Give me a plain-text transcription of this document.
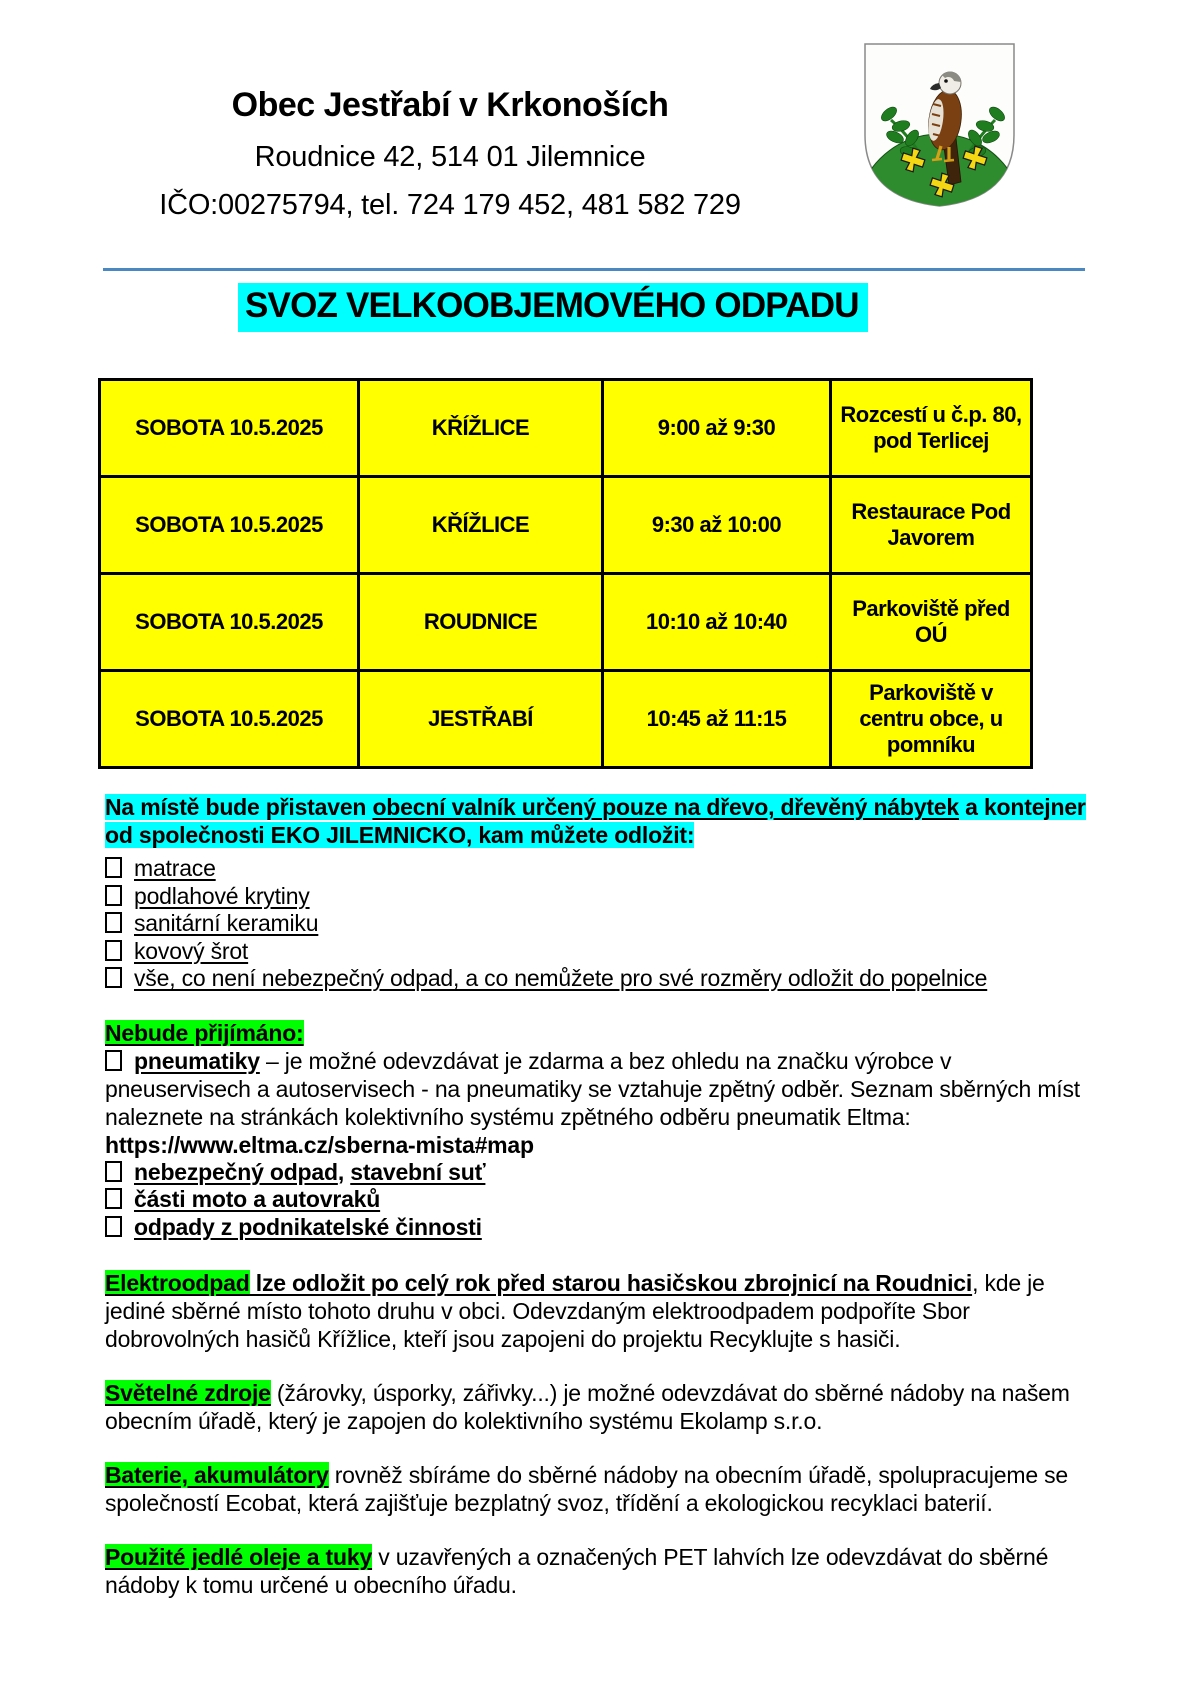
Obec Jestřabí v Krkonoších
Roudnice 42, 514 01 Jilemnice
IČO:00275794, tel. 724 179 452, 481 582 729
SVOZ VELKOOBJEMOVÉHO ODPADU
SOBOTA 10.5.2025	KŘÍŽLICE	9:00 až 9:30	Rozcestí u č.p. 80, pod Terlicej
SOBOTA 10.5.2025	KŘÍŽLICE	9:30 až 10:00	Restaurace Pod Javorem
SOBOTA 10.5.2025	ROUDNICE	10:10 až 10:40	Parkoviště před OÚ
SOBOTA 10.5.2025	JESTŘABÍ	10:45 až 11:15	Parkoviště v centru obce, u pomníku

Na místě bude přistaven obecní valník určený pouze na dřevo, dřevěný nábytek a kontejner od společnosti EKO JILEMNICKO, kam můžete odložit:

matrace
podlahové krytiny
sanitární keramiku
kovový šrot
vše, co není nebezpečný odpad, a co nemůžete pro své rozměry odložit do popelnice

Nebude přijímáno:

pneumatiky – je možné odevzdávat je zdarma a bez ohledu na značku výrobce v pneuservisech a autoservisech - na pneumatiky se vztahuje zpětný odběr. Seznam sběrných míst naleznete na stránkách kolektivního systému zpětného odběru pneumatik Eltma:

https://www.eltma.cz/sberna-mista#map
nebezpečný odpad, stavební suť
části moto a autovraků
odpady z podnikatelské činnosti

Elektroodpad lze odložit po celý rok před starou hasičskou zbrojnicí na Roudnici, kde je jediné sběrné místo tohoto druhu v obci. Odevzdaným elektroodpadem podpoříte Sbor dobrovolných hasičů Křížlice, kteří jsou zapojeni do projektu Recyklujte s hasiči.

Světelné zdroje (žárovky, úsporky, zářivky...) je možné odevzdávat do sběrné nádoby na našem obecním úřadě, který je zapojen do kolektivního systému Ekolamp s.r.o.

Baterie, akumulátory rovněž sbíráme do sběrné nádoby na obecním úřadě, spolupracujeme se společností Ecobat, která zajišťuje bezplatný svoz, třídění a ekologickou recyklaci baterií.

Použité jedlé oleje a tuky v uzavřených a označených PET lahvích lze odevzdávat do sběrné nádoby k tomu určené u obecního úřadu.
